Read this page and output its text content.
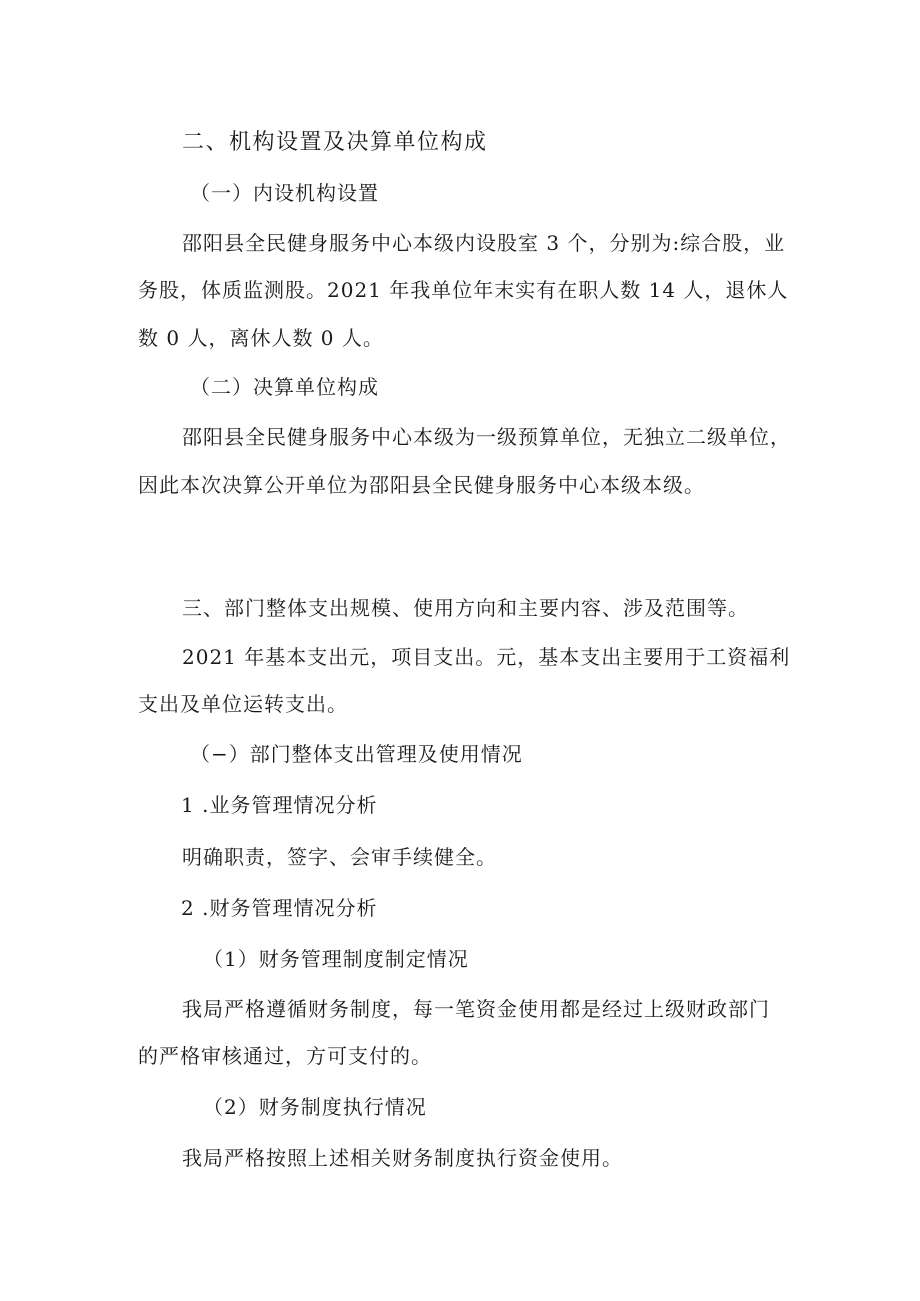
二、机构设置及决算单位构成
（一）内设机构设置
邵阳县全民健身服务中心本级内设股室 3 个，分别为:综合股，业
务股，体质监测股。2021 年我单位年末实有在职人数 14 人，退休人
数 0 人，离休人数 0 人。
（二）决算单位构成
邵阳县全民健身服务中心本级为一级预算单位，无独立二级单位，
因此本次决算公开单位为邵阳县全民健身服务中心本级本级。
三、部门整体支出规模、使用方向和主要内容、涉及范围等。
2021 年基本支出元，项目支出。元，基本支出主要用于工资福利
支出及单位运转支出。
（−）部门整体支出管理及使用情况
1 .业务管理情况分析
明确职责，签字、会审手续健全。
2 .财务管理情况分析
（1）财务管理制度制定情况
我局严格遵循财务制度，每一笔资金使用都是经过上级财政部门
的严格审核通过，方可支付的。
（2）财务制度执行情况
我局严格按照上述相关财务制度执行资金使用。
